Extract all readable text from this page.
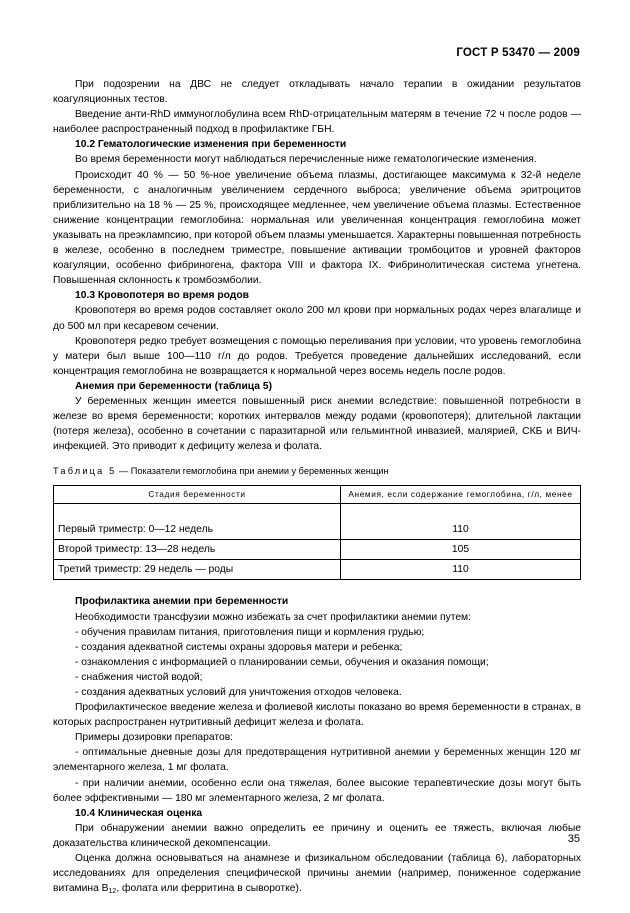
ГОСТ Р 53470 — 2009

При подозрении на ДВС не следует откладывать начало терапии в ожидании результатов коагуляционных тестов.

Введение анти-RhD иммуноглобулина всем RhD-отрицательным матерям в течение 72 ч после родов — наиболее распространенный подход в профилактике ГБН.

10.2 Гематологические изменения при беременности

Во время беременности могут наблюдаться перечисленные ниже гематологические изменения.

Происходит 40 % — 50 %-ное увеличение объема плазмы, достигающее максимума к 32-й неделе беременности, с аналогичным увеличением сердечного выброса; увеличение объема эритроцитов приблизительно на 18 % — 25 %, происходящее медленнее, чем увеличение объема плазмы. Естественное снижение концентрации гемоглобина: нормальная или увеличенная концентрация гемоглобина может указывать на преэклампсию, при которой объем плазмы уменьшается. Характерны повышенная потребность в железе, особенно в последнем триместре, повышение активации тромбоцитов и уровней факторов коагуляции, особенно фибриногена, фактора VIII и фактора IX. Фибринолитическая система угнетена. Повышенная склонность к тромбоэмболии.

10.3 Кровопотеря во время родов

Кровопотеря во время родов составляет около 200 мл крови при нормальных родах через влагалище и до 500 мл при кесаревом сечении.

Кровопотеря редко требует возмещения с помощью переливания при условии, что уровень гемоглобина у матери был выше 100—110 г/л до родов. Требуется проведение дальнейших исследований, если концентрация гемоглобина не возвращается к нормальной через восемь недель после родов.

Анемия при беременности (таблица 5)

У беременных женщин имеется повышенный риск анемии вследствие: повышенной потребности в железе во время беременности; коротких интервалов между родами (кровопотеря); длительной лактации (потеря железа), особенно в сочетании с паразитарной или гельминтной инвазией, малярией, СКБ и ВИЧ-инфекцией. Это приводит к дефициту железа и фолата.

Таблица 5 — Показатели гемоглобина при анемии у беременных женщин

Стадия беременности	Анемия, если содержание гемоглобина, г/л, менее
Первый триместр: 0—12 недель	110
Второй триместр: 13—28 недель	105
Третий триместр: 29 недель — роды	110

Профилактика анемии при беременности

Необходимости трансфузии можно избежать за счет профилактики анемии путем:

- обучения правилам питания, приготовления пищи и кормления грудью;

- создания адекватной системы охраны здоровья матери и ребенка;

- ознакомления с информацией о планировании семьи, обучения и оказания помощи;

- снабжения чистой водой;

- создания адекватных условий для уничтожения отходов человека.

Профилактическое введение железа и фолиевой кислоты показано во время беременности в странах, в которых распространен нутритивный дефицит железа и фолата.

Примеры дозировки препаратов:

- оптимальные дневные дозы для предотвращения нутритивной анемии у беременных женщин 120 мг элементарного железа, 1 мг фолата.

- при наличии анемии, особенно если она тяжелая, более высокие терапевтические дозы могут быть более эффективными — 180 мг элементарного железа, 2 мг фолата.

10.4 Клиническая оценка

При обнаружении анемии важно определить ее причину и оценить ее тяжесть, включая любые доказательства клинической декомпенсации.

Оценка должна основываться на анамнезе и физикальном обследовании (таблица 6), лабораторных исследованиях для определения специфической причины анемии (например, пониженное содержание витамина $В_{12}$, фолата или ферритина в сыворотке).

35
